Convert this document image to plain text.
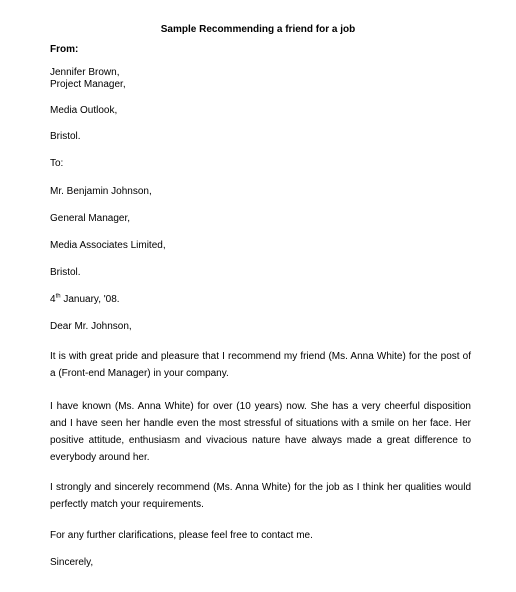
Sample Recommending a friend for a job
From:
Jennifer Brown,
Project Manager,
Media Outlook,
Bristol.
To:
Mr. Benjamin Johnson,
General Manager,
Media Associates Limited,
Bristol.
4th January, '08.
Dear Mr. Johnson,
It is with great pride and pleasure that I recommend my friend (Ms. Anna White) for the post of a (Front-end Manager) in your company.
I have known (Ms. Anna White) for over (10 years) now. She has a very cheerful disposition and I have seen her handle even the most stressful of situations with a smile on her face. Her positive attitude, enthusiasm and vivacious nature have always made a great difference to everybody around her.
I strongly and sincerely recommend (Ms. Anna White) for the job as I think her qualities would perfectly match your requirements.
For any further clarifications, please feel free to contact me.
Sincerely,
